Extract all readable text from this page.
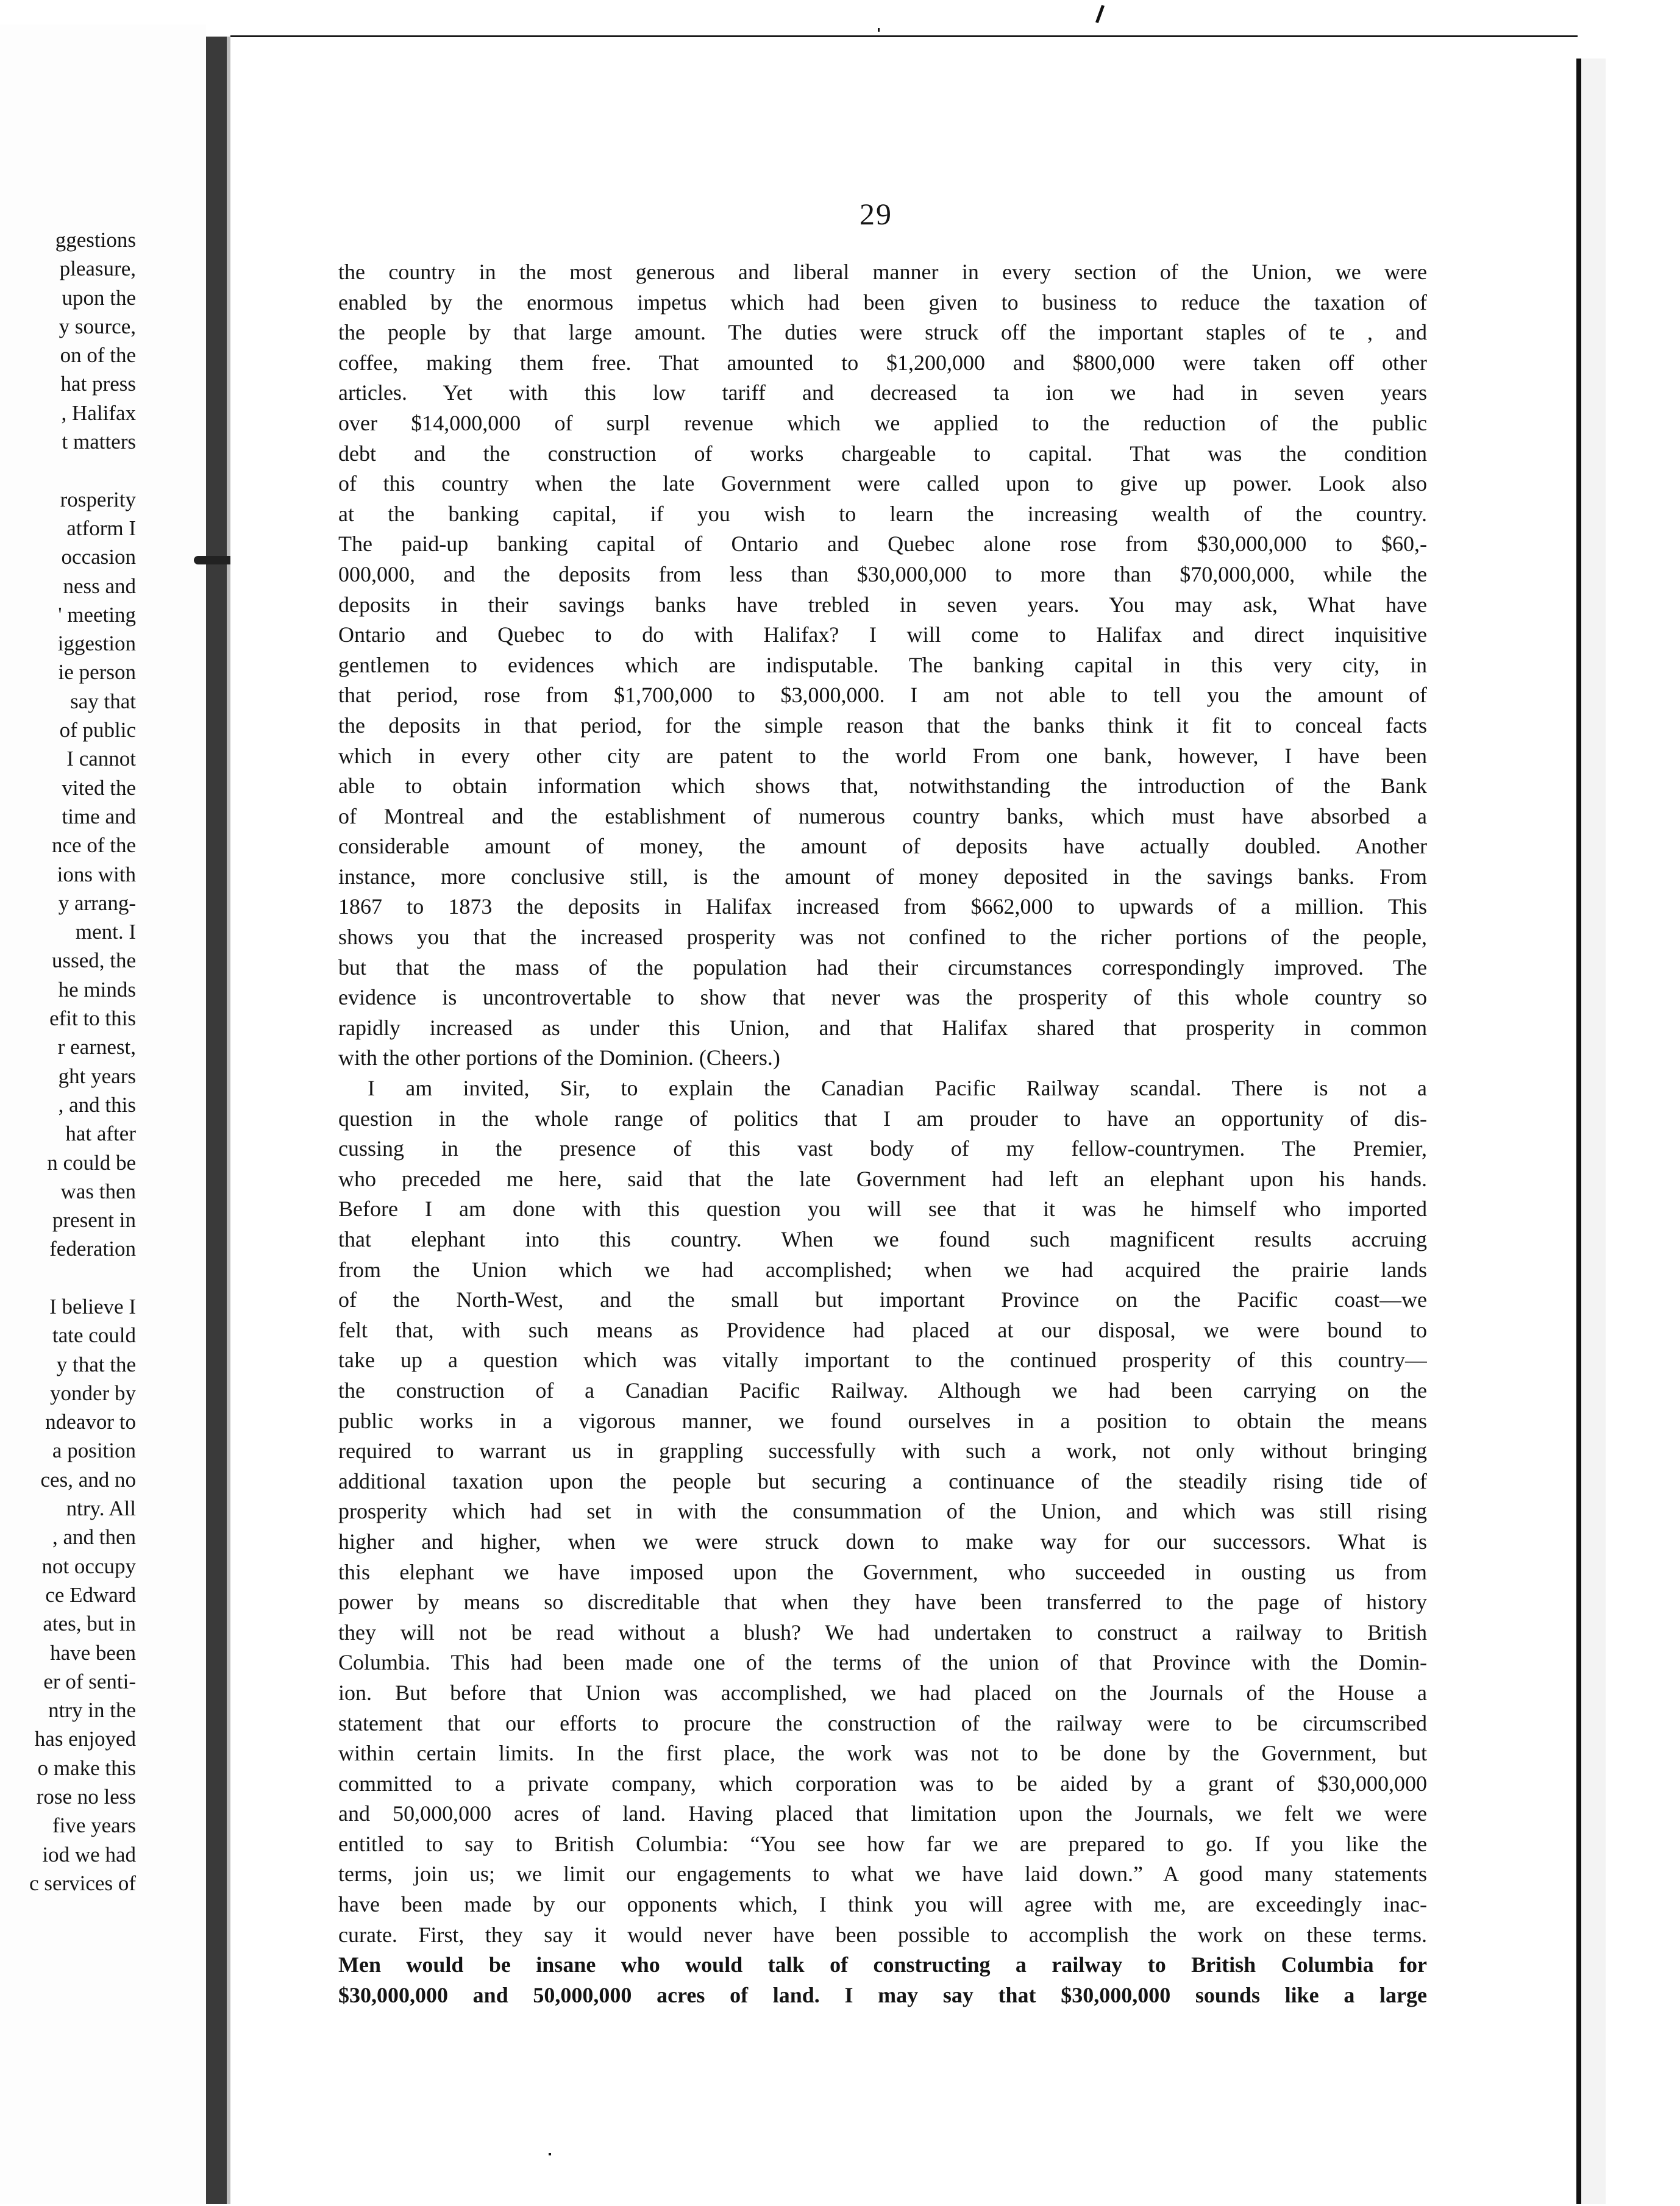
ggestions
pleasure,
upon the
y source,
on of the
hat press
, Halifax
t matters
rosperity
atform I
occasion
ness and
' meeting
iggestion
ie person
say that
of public
I cannot
vited the
time and
nce of the
ions with
y arrang-
ment. I
ussed, the
he minds
efit to this
r earnest,
ght years
, and this
hat after
n could be
was then
present in
federation
I believe I
tate could
y that the
yonder by
ndeavor to
a position
ces, and no
ntry. All
, and then
not occupy
ce Edward
ates, but in
have been
er of senti-
ntry in the
has enjoyed
o make this
rose no less
five years
iod we had
c services of
29
the country in the most generous and liberal manner in every section of the Union, we were
enabled by the enormous impetus which had been given to business to reduce the taxation of
the people by that large amount. The duties were struck off the important staples of te , and
coffee, making them free. That amounted to $1,200,000 and $800,000 were taken off other
articles. Yet with this low tariff and decreased ta ion we had in seven years
over $14,000,000 of surpl revenue which we applied to the reduction of the public
debt and the construction of works chargeable to capital. That was the condition
of this country when the late Government were called upon to give up power. Look also
at the banking capital, if you wish to learn the increasing wealth of the country.
The paid-up banking capital of Ontario and Quebec alone rose from $30,000,000 to $60,-
000,000, and the deposits from less than $30,000,000 to more than $70,000,000, while the
deposits in their savings banks have trebled in seven years. You may ask, What have
Ontario and Quebec to do with Halifax? I will come to Halifax and direct inquisitive
gentlemen to evidences which are indisputable. The banking capital in this very city, in
that period, rose from $1,700,000 to $3,000,000. I am not able to tell you the amount of
the deposits in that period, for the simple reason that the banks think it fit to conceal facts
which in every other city are patent to the world From one bank, however, I have been
able to obtain information which shows that, notwithstanding the introduction of the Bank
of Montreal and the establishment of numerous country banks, which must have absorbed a
considerable amount of money, the amount of deposits have actually doubled. Another
instance, more conclusive still, is the amount of money deposited in the savings banks. From
1867 to 1873 the deposits in Halifax increased from $662,000 to upwards of a million. This
shows you that the increased prosperity was not confined to the richer portions of the people,
but that the mass of the population had their circumstances correspondingly improved. The
evidence is uncontrovertable to show that never was the prosperity of this whole country so
rapidly increased as under this Union, and that Halifax shared that prosperity in common
with the other portions of the Dominion. (Cheers.)
I am invited, Sir, to explain the Canadian Pacific Railway scandal. There is not a
question in the whole range of politics that I am prouder to have an opportunity of dis-
cussing in the presence of this vast body of my fellow-countrymen. The Premier,
who preceded me here, said that the late Government had left an elephant upon his hands.
Before I am done with this question you will see that it was he himself who imported
that elephant into this country. When we found such magnificent results accruing
from the Union which we had accomplished; when we had acquired the prairie lands
of the North-West, and the small but important Province on the Pacific coast—we
felt that, with such means as Providence had placed at our disposal, we were bound to
take up a question which was vitally important to the continued prosperity of this country—
the construction of a Canadian Pacific Railway. Although we had been carrying on the
public works in a vigorous manner, we found ourselves in a position to obtain the means
required to warrant us in grappling successfully with such a work, not only without bringing
additional taxation upon the people but securing a continuance of the steadily rising tide of
prosperity which had set in with the consummation of the Union, and which was still rising
higher and higher, when we were struck down to make way for our successors. What is
this elephant we have imposed upon the Government, who succeeded in ousting us from
power by means so discreditable that when they have been transferred to the page of history
they will not be read without a blush? We had undertaken to construct a railway to British
Columbia. This had been made one of the terms of the union of that Province with the Domin-
ion. But before that Union was accomplished, we had placed on the Journals of the House a
statement that our efforts to procure the construction of the railway were to be circumscribed
within certain limits. In the first place, the work was not to be done by the Government, but
committed to a private company, which corporation was to be aided by a grant of $30,000,000
and 50,000,000 acres of land. Having placed that limitation upon the Journals, we felt we were
entitled to say to British Columbia: “You see how far we are prepared to go. If you like the
terms, join us; we limit our engagements to what we have laid down.” A good many statements
have been made by our opponents which, I think you will agree with me, are exceedingly inac-
curate. First, they say it would never have been possible to accomplish the work on these terms.
Men would be insane who would talk of constructing a railway to British Columbia for
$30,000,000 and 50,000,000 acres of land. I may say that $30,000,000 sounds like a large
